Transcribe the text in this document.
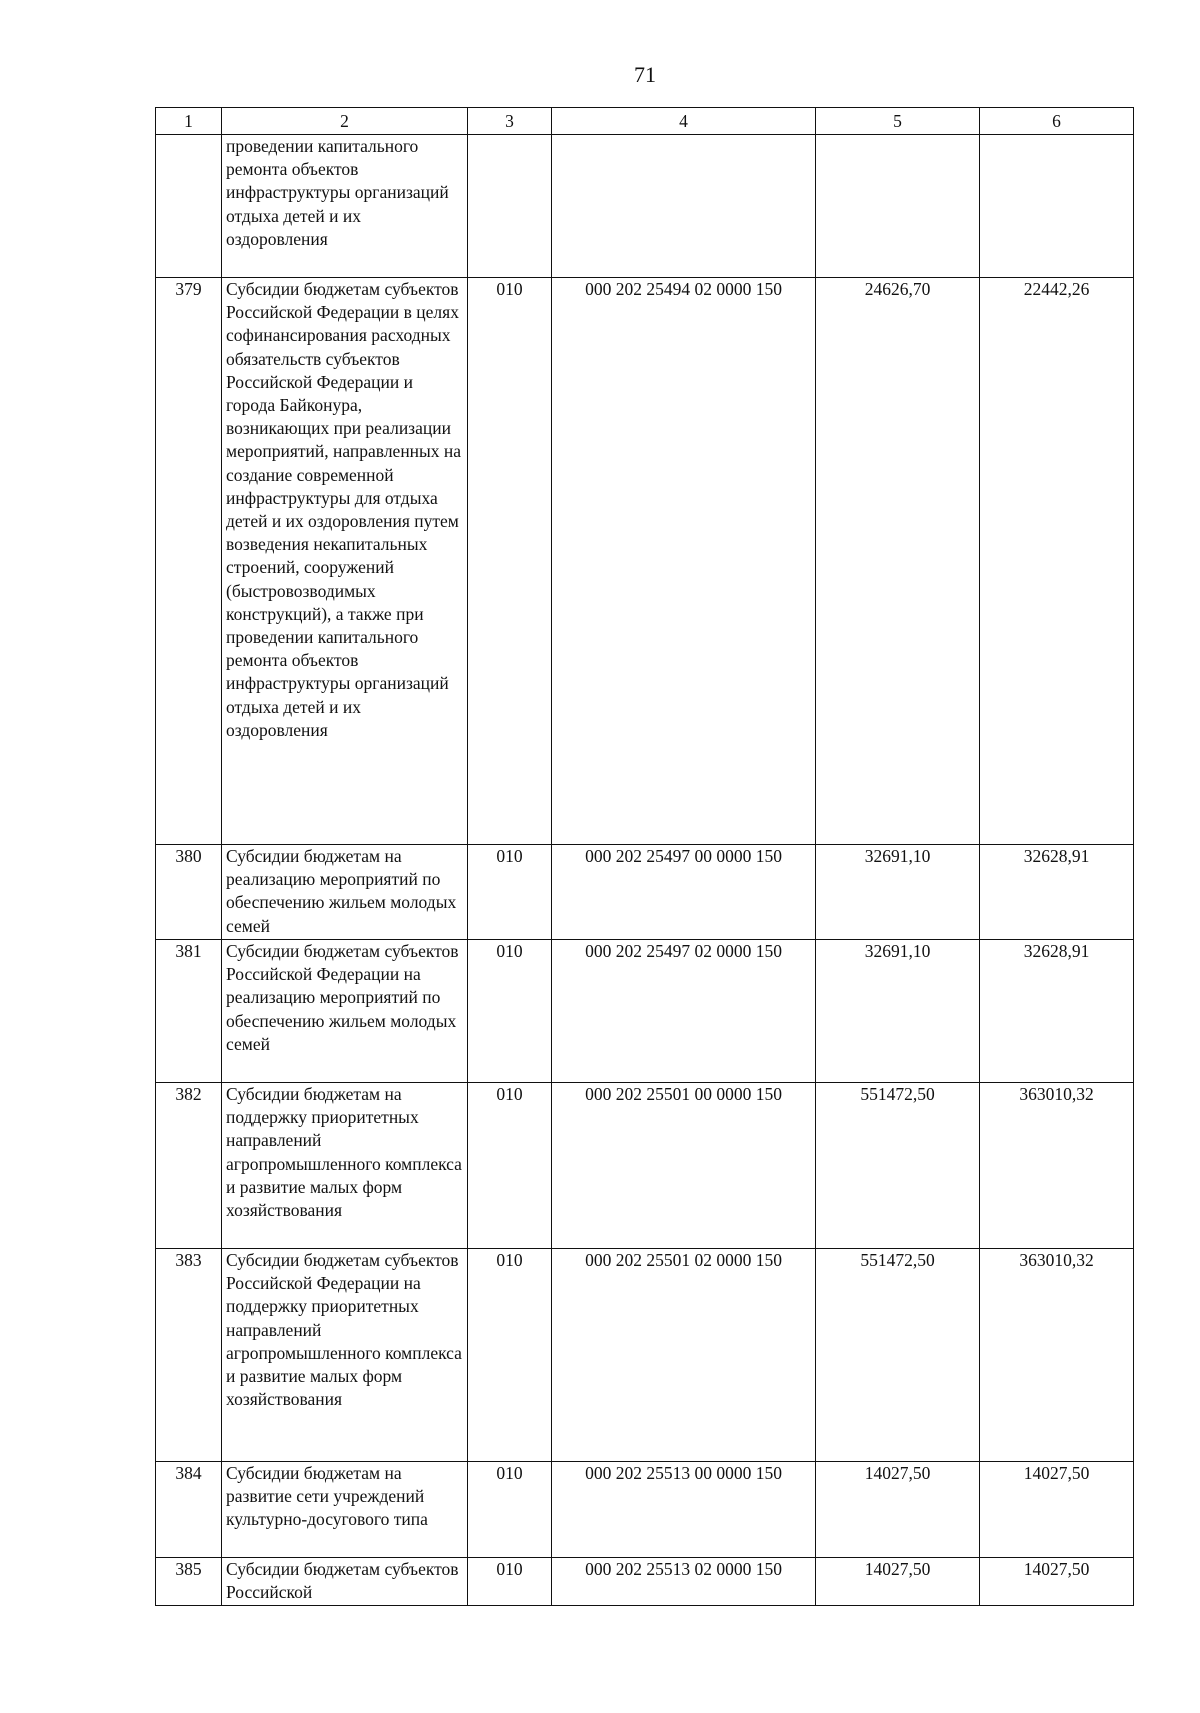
71
1	2	3	4	5	6
	проведении капитального ремонта объектов инфраструктуры организаций отдыха детей и их оздоровления				
379	Субсидии бюджетам субъектов Российской Федерации в целях софинансирования расходных обязательств субъектов Российской Федерации и города Байконура, возникающих при реализации мероприятий, направленных на создание современной инфраструктуры для отдыха детей и их оздоровления путем возведения некапитальных строений, сооружений (быстровозводимых конструкций), а также при проведении капитального ремонта объектов инфраструктуры организаций отдыха детей и их оздоровления	010	000 202 25494 02 0000 150	24626,70	22442,26
380	Субсидии бюджетам на реализацию мероприятий по обеспечению жильем молодых семей	010	000 202 25497 00 0000 150	32691,10	32628,91
381	Субсидии бюджетам субъектов Российской Федерации на реализацию мероприятий по обеспечению жильем молодых семей	010	000 202 25497 02 0000 150	32691,10	32628,91
382	Субсидии бюджетам на поддержку приоритетных направлений агропромышленного комплекса и развитие малых форм хозяйствования	010	000 202 25501 00 0000 150	551472,50	363010,32
383	Субсидии бюджетам субъектов Российской Федерации на поддержку приоритетных направлений агропромышленного комплекса и развитие малых форм хозяйствования	010	000 202 25501 02 0000 150	551472,50	363010,32
384	Субсидии бюджетам на развитие сети учреждений культурно-досугового типа	010	000 202 25513 00 0000 150	14027,50	14027,50
385	Субсидии бюджетам субъектов Российской	010	000 202 25513 02 0000 150	14027,50	14027,50
